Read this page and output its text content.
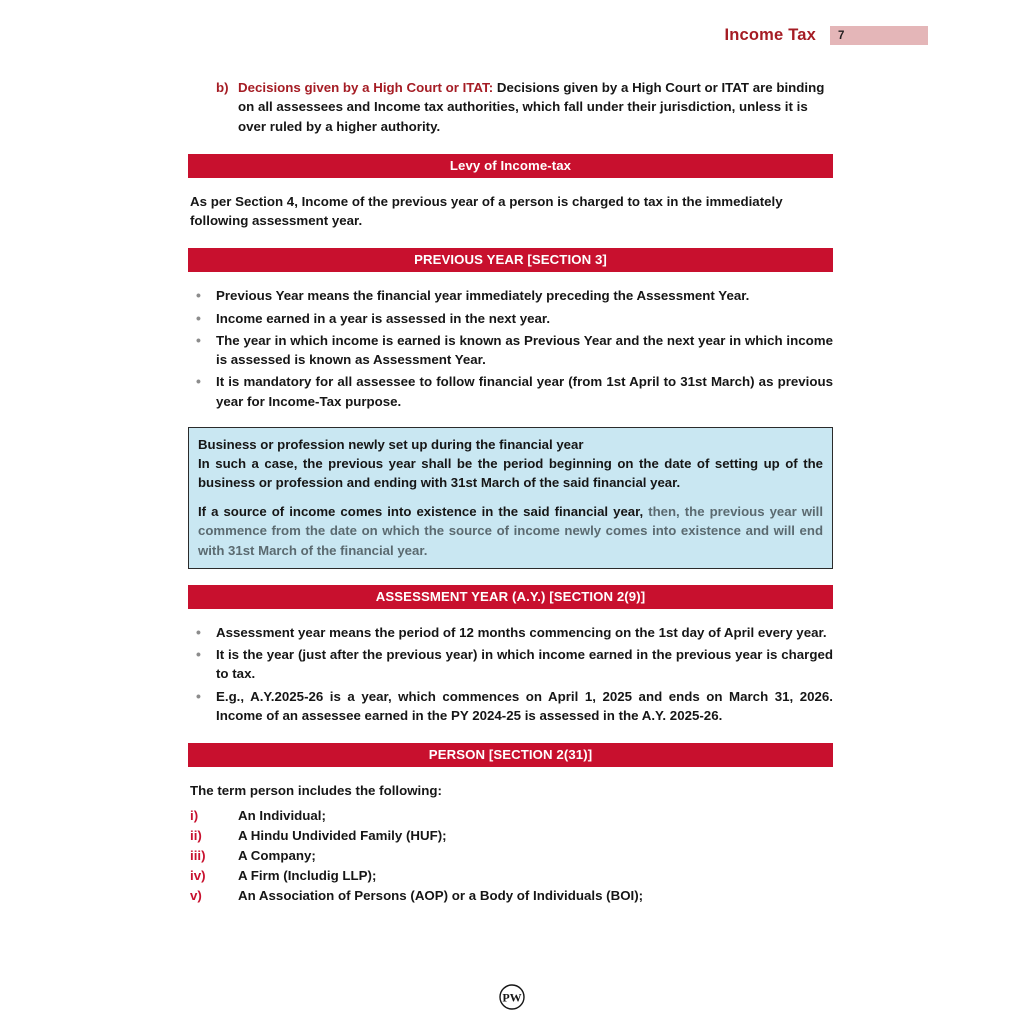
Income Tax 7
b) Decisions given by a High Court or ITAT: Decisions given by a High Court or ITAT are binding on all assessees and Income tax authorities, which fall under their jurisdiction, unless it is over ruled by a higher authority.
Levy of Income-tax

As per Section 4, Income of the previous year of a person is charged to tax in the immediately following assessment year.

PREVIOUS YEAR [SECTION 3]
• Previous Year means the financial year immediately preceding the Assessment Year.
• Income earned in a year is assessed in the next year.
• The year in which income is earned is known as Previous Year and the next year in which income is assessed is known as Assessment Year.
• It is mandatory for all assessee to follow financial year (from 1st April to 31st March) as previous year for Income-Tax purpose.
Business or profession newly set up during the financial year
In such a case, the previous year shall be the period beginning on the date of setting up of the business or profession and ending with 31st March of the said financial year.
If a source of income comes into existence in the said financial year, then, the previous year will commence from the date on which the source of income newly comes into existence and will end with 31st March of the financial year.
ASSESSMENT YEAR (A.Y.) [SECTION 2(9)]
• Assessment year means the period of 12 months commencing on the 1st day of April every year.
• It is the year (just after the previous year) in which income earned in the previous year is charged to tax.
• E.g., A.Y.2025-26 is a year, which commences on April 1, 2025 and ends on March 31, 2026. Income of an assessee earned in the PY 2024-25 is assessed in the A.Y. 2025-26.
PERSON [SECTION 2(31)]

The term person includes the following:

i)	An Individual;
ii)	A Hindu Undivided Family (HUF);
iii)	A Company;
iv)	A Firm (Includig LLP);
v)	An Association of Persons (AOP) or a Body of Individuals (BOI);
PW
